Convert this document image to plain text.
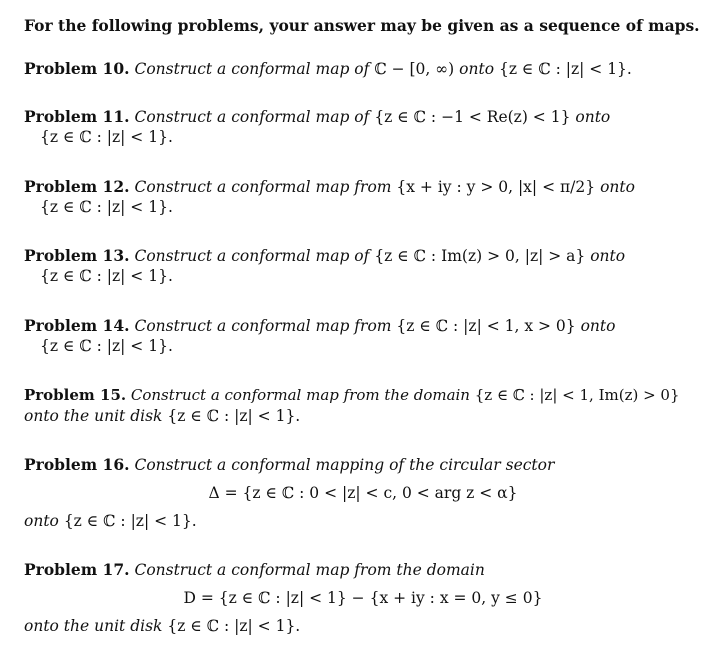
For the following problems, your answer may be given as a sequence of maps.
Problem 10. Construct a conformal map of ℂ − [0, ∞) onto {z ∈ ℂ : |z| < 1}.
Problem 11. Construct a conformal map of {z ∈ ℂ : −1 < Re(z) < 1} onto
{z ∈ ℂ : |z| < 1}.
Problem 12. Construct a conformal map from {x + iy : y > 0, |x| < π/2} onto
{z ∈ ℂ : |z| < 1}.
Problem 13. Construct a conformal map of {z ∈ ℂ : Im(z) > 0, |z| > a} onto
{z ∈ ℂ : |z| < 1}.
Problem 14. Construct a conformal map from {z ∈ ℂ : |z| < 1, x > 0} onto
{z ∈ ℂ : |z| < 1}.
Problem 15. Construct a conformal map from the domain {z ∈ ℂ : |z| < 1, Im(z) > 0}
onto the unit disk {z ∈ ℂ : |z| < 1}.
Problem 16. Construct a conformal mapping of the circular sector
Δ = {z ∈ ℂ : 0 < |z| < c, 0 < arg z < α}
onto {z ∈ ℂ : |z| < 1}.
Problem 17. Construct a conformal map from the domain
D = {z ∈ ℂ : |z| < 1} − {x + iy : x = 0, y ≤ 0}
onto the unit disk {z ∈ ℂ : |z| < 1}.
